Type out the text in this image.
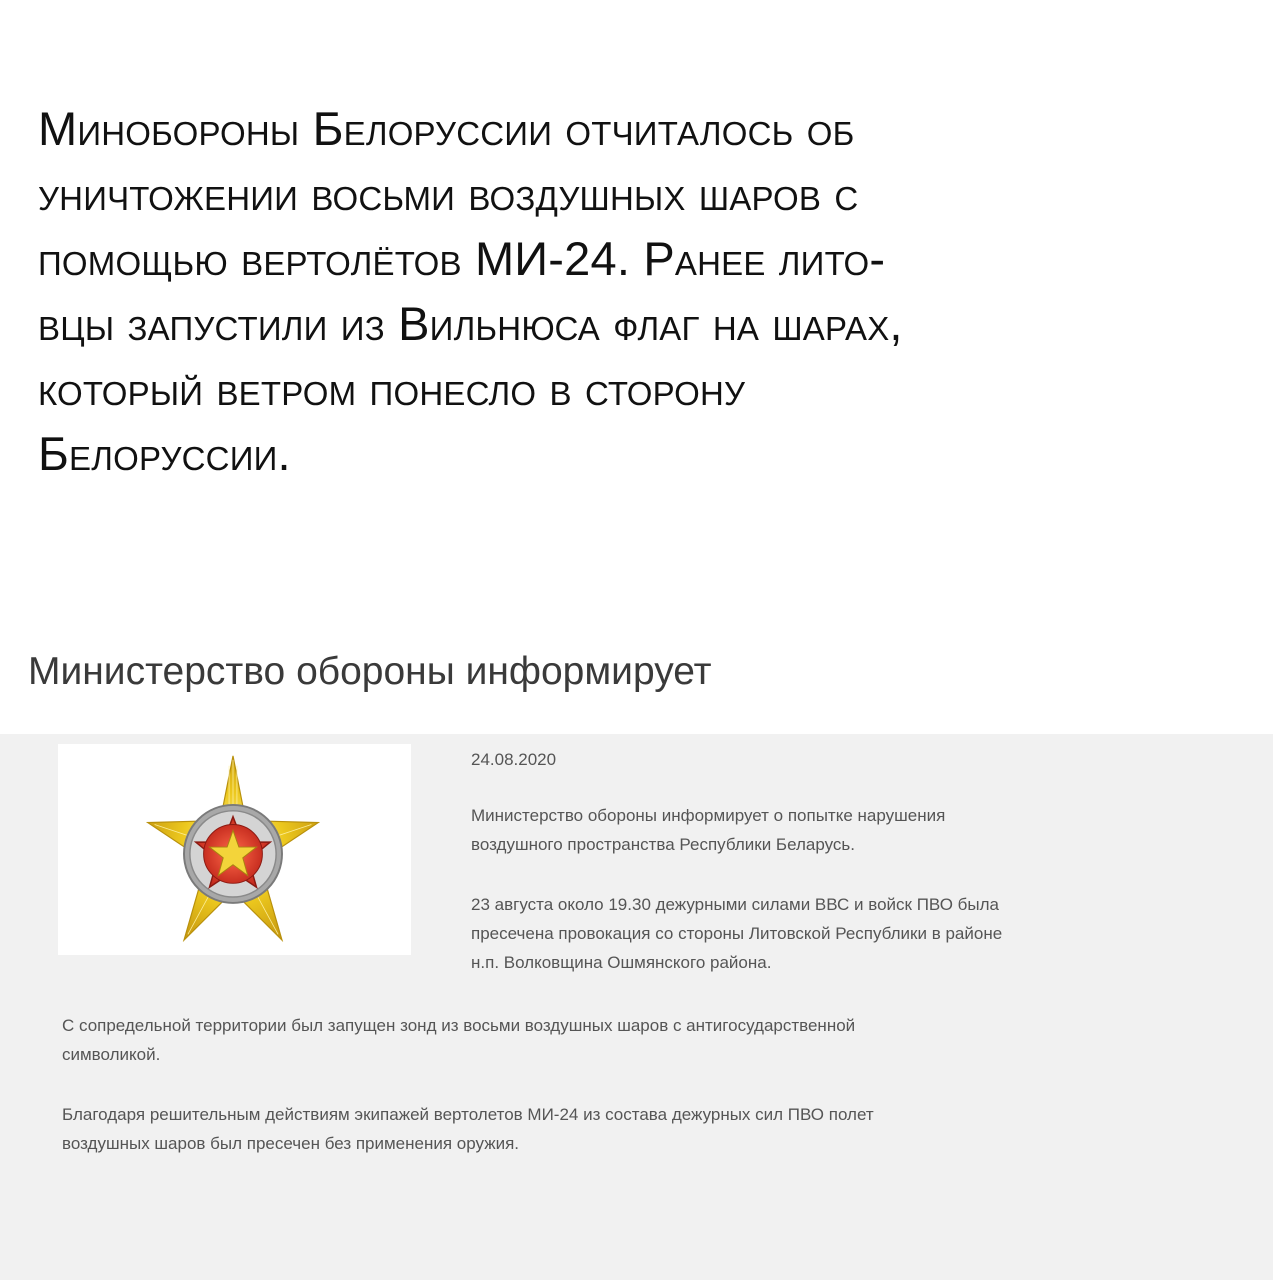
Минобороны Белоруссии отчиталось об
уничтожении восьми воздушных шаров с
помощью вертолётов МИ-24. Ранее лито-
вцы запустили из Вильнюса флаг на шарах,
который ветром понесло в сторону
Белоруссии.
Министерство обороны информирует
24.08.2020

Министерство обороны информирует о попытке нарушения
воздушного пространства Республики Беларусь.

23 августа около 19.30 дежурными силами ВВС и войск ПВО была
пресечена провокация со стороны Литовской Республики в районе
н.п. Волковщина Ошмянского района.

С сопредельной территории был запущен зонд из восьми воздушных шаров с антигосударственной
символикой.

Благодаря решительным действиям экипажей вертолетов МИ-24 из состава дежурных сил ПВО полет
воздушных шаров был пресечен без применения оружия.
